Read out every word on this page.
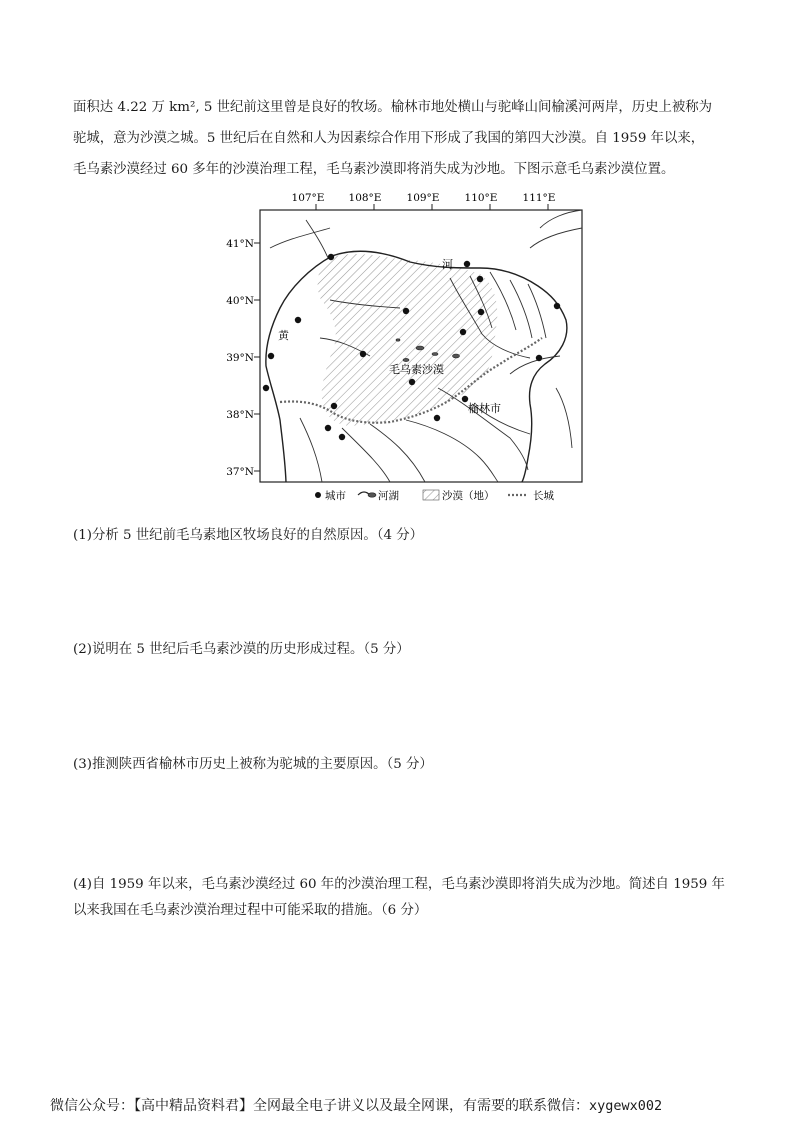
面积达 4.22 万 km², 5 世纪前这里曾是良好的牧场。榆林市地处横山与驼峰山间榆溪河两岸，历史上被称为

驼城，意为沙漠之城。5 世纪后在自然和人为因素综合作用下形成了我国的第四大沙漠。自 1959 年以来，

毛乌素沙漠经过 60 多年的沙漠治理工程，毛乌素沙漠即将消失成为沙地。下图示意毛乌素沙漠位置。

107°E 108°E 109°E 110°E 111°E
41°N
40°N
39°N
38°N
37°N
河
黄
毛乌素沙漠
榆林市
城市	河湖	沙漠（地）	长城

(1)分析 5 世纪前毛乌素地区牧场良好的自然原因。（4 分）

(2)说明在 5 世纪后毛乌素沙漠的历史形成过程。（5 分）

(3)推测陕西省榆林市历史上被称为驼城的主要原因。（5 分）

(4)自 1959 年以来，毛乌素沙漠经过 60 年的沙漠治理工程，毛乌素沙漠即将消失成为沙地。简述自 1959 年

以来我国在毛乌素沙漠治理过程中可能采取的措施。（6 分）

微信公众号：【高中精品资料君】全网最全电子讲义以及最全网课，有需要的联系微信：xygewx002
